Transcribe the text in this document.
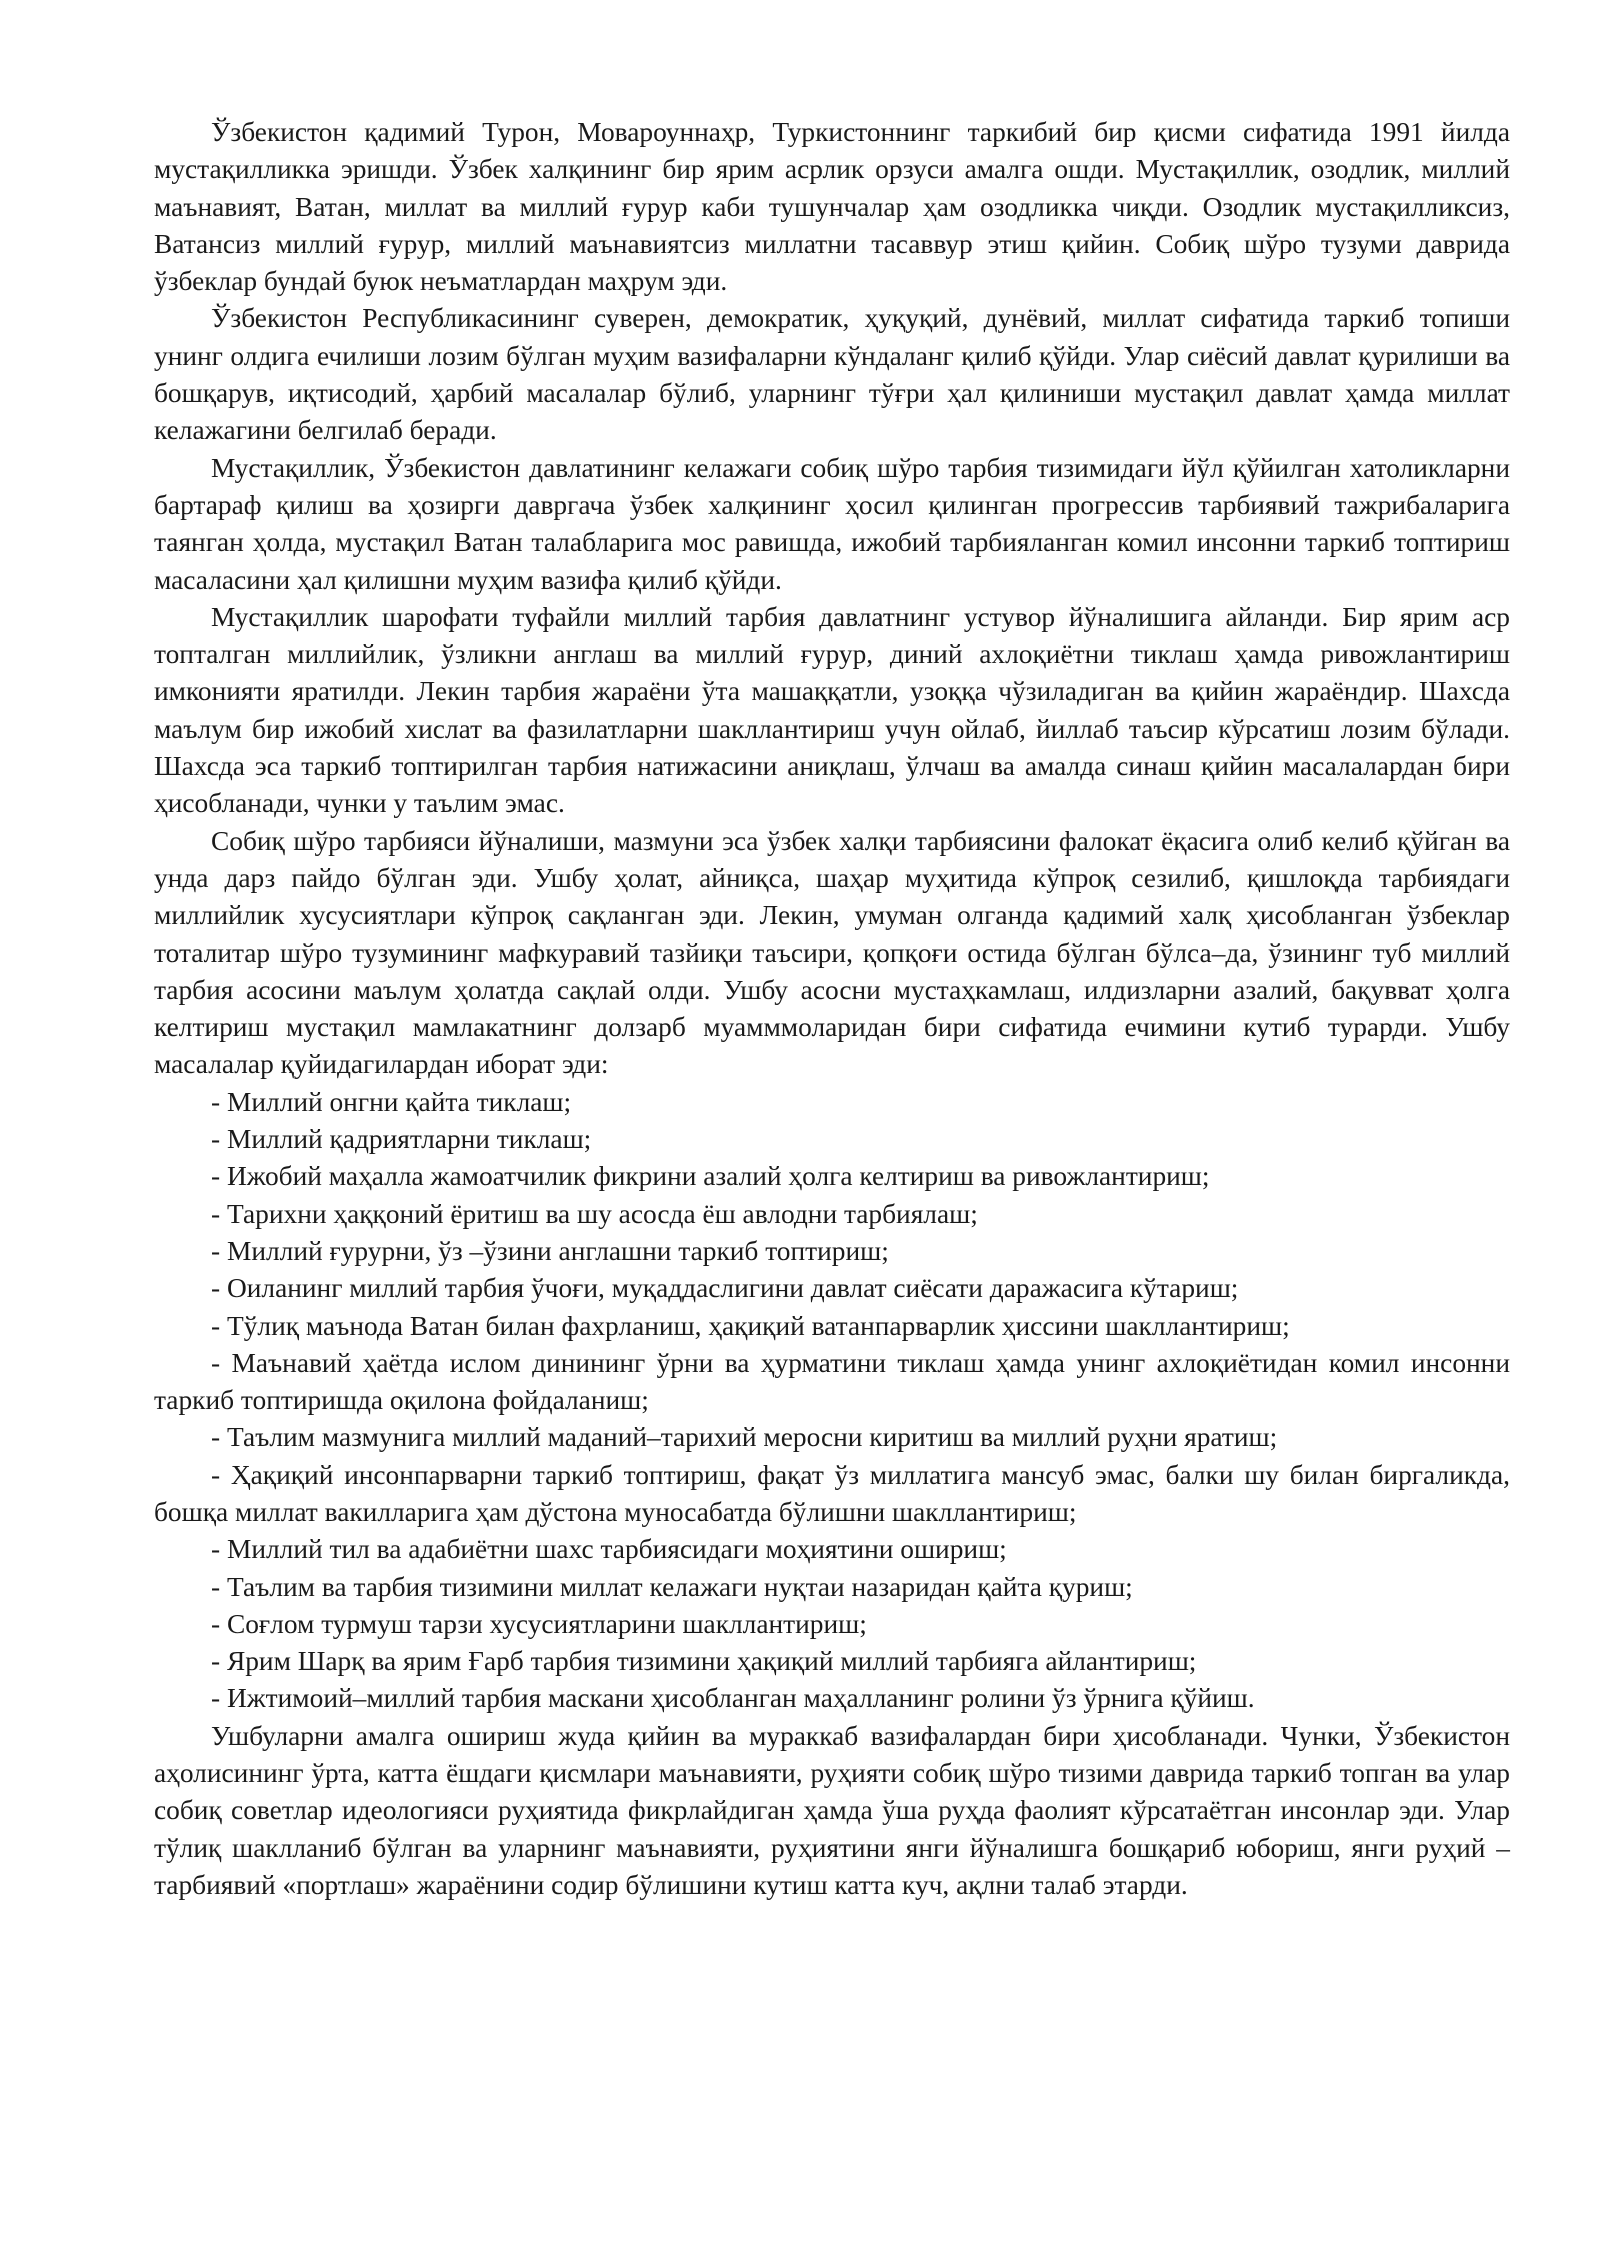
Ўзбекистон қадимий Турон, Мовароуннаҳр, Туркистоннинг таркибий бир қисми сифатида 1991 йилда мустақилликка эришди. Ўзбек халқининг бир ярим асрлик орзуси амалга ошди. Мустақиллик, озодлик, миллий маънавият, Ватан, миллат ва миллий ғурур каби тушунчалар ҳам озодликка чиқди. Озодлик мустақилликсиз, Ватансиз миллий ғурур, миллий маънавиятсиз миллатни тасаввур этиш қийин. Собиқ шўро тузуми даврида ўзбеклар бундай буюк неъматлардан маҳрум эди.

Ўзбекистон Республикасининг суверен, демократик, ҳуқуқий, дунёвий, миллат сифатида таркиб топиши унинг олдига ечилиши лозим бўлган муҳим вазифаларни кўндаланг қилиб қўйди. Улар сиёсий давлат қурилиши ва бошқарув, иқтисодий, ҳарбий масалалар бўлиб, уларнинг тўғри ҳал қилиниши мустақил давлат ҳамда миллат келажагини белгилаб беради.

Мустақиллик, Ўзбекистон давлатининг келажаги собиқ шўро тарбия тизимидаги йўл қўйилган хатоликларни бартараф қилиш ва ҳозирги давргача ўзбек халқининг ҳосил қилинган прогрессив тарбиявий тажрибаларига таянган ҳолда, мустақил Ватан талабларига мос равишда, ижобий тарбияланган комил инсонни таркиб топтириш масаласини ҳал қилишни муҳим вазифа қилиб қўйди.

Мустақиллик шарофати туфайли миллий тарбия давлатнинг устувор йўналишига айланди. Бир ярим аср топталган миллийлик, ўзликни англаш ва миллий ғурур, диний ахлоқиётни тиклаш ҳамда ривожлантириш имконияти яратилди. Лекин тарбия жараёни ўта машаққатли, узоққа чўзиладиган ва қийин жараёндир. Шахсда маълум бир ижобий хислат ва фазилатларни шакллантириш учун ойлаб, йиллаб таъсир кўрсатиш лозим бўлади. Шахсда эса таркиб топтирилган тарбия натижасини аниқлаш, ўлчаш ва амалда синаш қийин масалалардан бири ҳисобланади, чунки у таълим эмас.

Собиқ шўро тарбияси йўналиши, мазмуни эса ўзбек халқи тарбиясини фалокат ёқасига олиб келиб қўйган ва унда дарз пайдо бўлган эди. Ушбу ҳолат, айниқса, шаҳар муҳитида кўпроқ сезилиб, қишлоқда тарбиядаги миллийлик хусусиятлари кўпроқ сақланган эди. Лекин, умуман олганда қадимий халқ ҳисобланган ўзбеклар тоталитар шўро тузумининг мафкуравий тазйиқи таъсири, қопқоғи остида бўлган бўлса–да, ўзининг туб миллий тарбия асосини маълум ҳолатда сақлай олди. Ушбу асосни мустаҳкамлаш, илдизларни азалий, бақувват ҳолга келтириш мустақил мамлакатнинг долзарб муамммоларидан бири сифатида ечимини кутиб турарди. Ушбу масалалар қуйидагилардан иборат эди:

- Миллий онгни қайта тиклаш;
- Миллий қадриятларни тиклаш;
- Ижобий маҳалла жамоатчилик фикрини азалий ҳолга келтириш ва ривожлантириш;
- Тарихни ҳаққоний ёритиш ва шу асосда ёш авлодни тарбиялаш;
- Миллий ғурурни, ўз –ўзини англашни таркиб топтириш;
- Оиланинг миллий тарбия ўчоғи, муқаддаслигини давлат сиёсати даражасига кўтариш;
- Тўлиқ маънода Ватан билан фахрланиш, ҳақиқий ватанпарварлик ҳиссини шакллантириш;
- Маънавий ҳаётда ислом динининг ўрни ва ҳурматини тиклаш ҳамда унинг ахлоқиётидан комил инсонни таркиб топтиришда оқилона фойдаланиш;
- Таълим мазмунига миллий маданий–тарихий меросни киритиш ва миллий руҳни яратиш;
- Ҳақиқий инсонпарварни таркиб топтириш, фақат ўз миллатига мансуб эмас, балки шу билан биргаликда, бошқа миллат вакилларига ҳам дўстона муносабатда бўлишни шакллантириш;
- Миллий тил ва адабиётни шахс тарбиясидаги моҳиятини ошириш;
- Таълим ва тарбия тизимини миллат келажаги нуқтаи назаридан қайта қуриш;
- Соғлом турмуш тарзи хусусиятларини шакллантириш;
- Ярим Шарқ ва ярим Ғарб тарбия тизимини ҳақиқий миллий тарбияга айлантириш;
- Ижтимоий–миллий тарбия маскани ҳисобланган маҳалланинг ролини ўз ўрнига қўйиш.

Ушбуларни амалга ошириш жуда қийин ва мураккаб вазифалардан бири ҳисобланади. Чунки, Ўзбекистон аҳолисининг ўрта, катта ёшдаги қисмлари маънавияти, руҳияти собиқ шўро тизими даврида таркиб топган ва улар собиқ советлар идеологияси руҳиятида фикрлайдиган ҳамда ўша руҳда фаолият кўрсатаётган инсонлар эди. Улар тўлиқ шаклланиб бўлган ва уларнинг маънавияти, руҳиятини янги йўналишга бошқариб юбориш, янги руҳий – тарбиявий «портлаш» жараёнини содир бўлишини кутиш катта куч, ақлни талаб этарди.
